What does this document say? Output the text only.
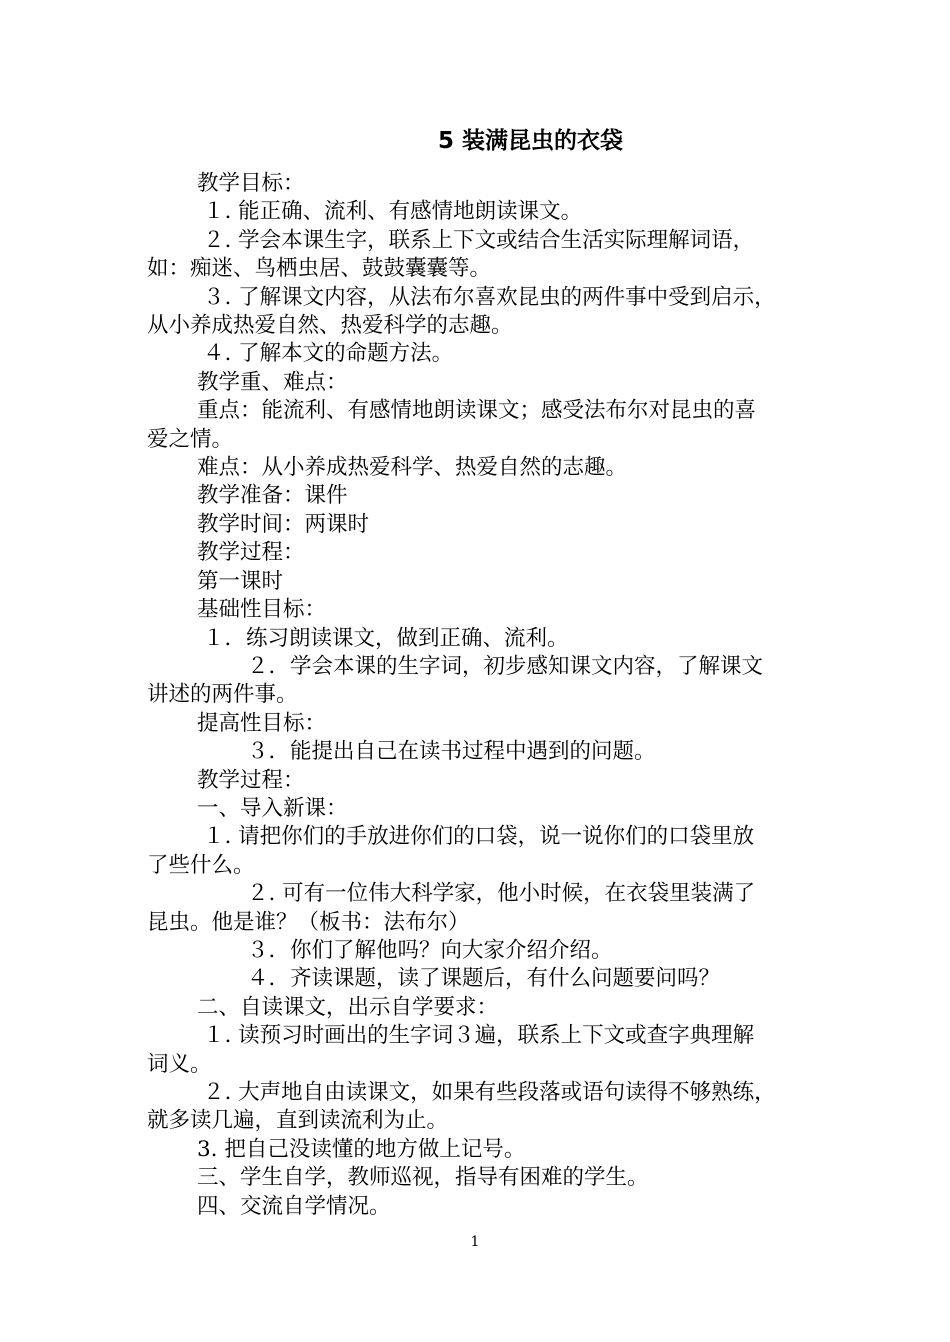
5 装满昆虫的衣袋
教学目标：
１. 能正确、流利、有感情地朗读课文。
２. 学会本课生字，联系上下文或结合生活实际理解词语，
如：痴迷、鸟栖虫居、鼓鼓囊囊等。
３. 了解课文内容，从法布尔喜欢昆虫的两件事中受到启示，
从小养成热爱自然、热爱科学的志趣。
４. 了解本文的命题方法。
教学重、难点：
重点：能流利、有感情地朗读课文；感受法布尔对昆虫的喜
爱之情。
难点：从小养成热爱科学、热爱自然的志趣。
教学准备：课件
教学时间：两课时
教学过程：
第一课时
基础性目标：
１．练习朗读课文，做到正确、流利。
２．学会本课的生字词，初步感知课文内容，了解课文
讲述的两件事。
提高性目标：
３．能提出自己在读书过程中遇到的问题。
教学过程：
一、导入新课：
１. 请把你们的手放进你们的口袋，说一说你们的口袋里放
了些什么。
２. 可有一位伟大科学家，他小时候，在衣袋里装满了
昆虫。他是谁？（板书：法布尔）
３．你们了解他吗？向大家介绍介绍。
４．齐读课题，读了课题后，有什么问题要问吗？
二、自读课文，出示自学要求：
１. 读预习时画出的生字词３遍，联系上下文或查字典理解
词义。
２. 大声地自由读课文，如果有些段落或语句读得不够熟练，
就多读几遍，直到读流利为止。
3. 把自己没读懂的地方做上记号。
三、学生自学，教师巡视，指导有困难的学生。
四、交流自学情况。
1
